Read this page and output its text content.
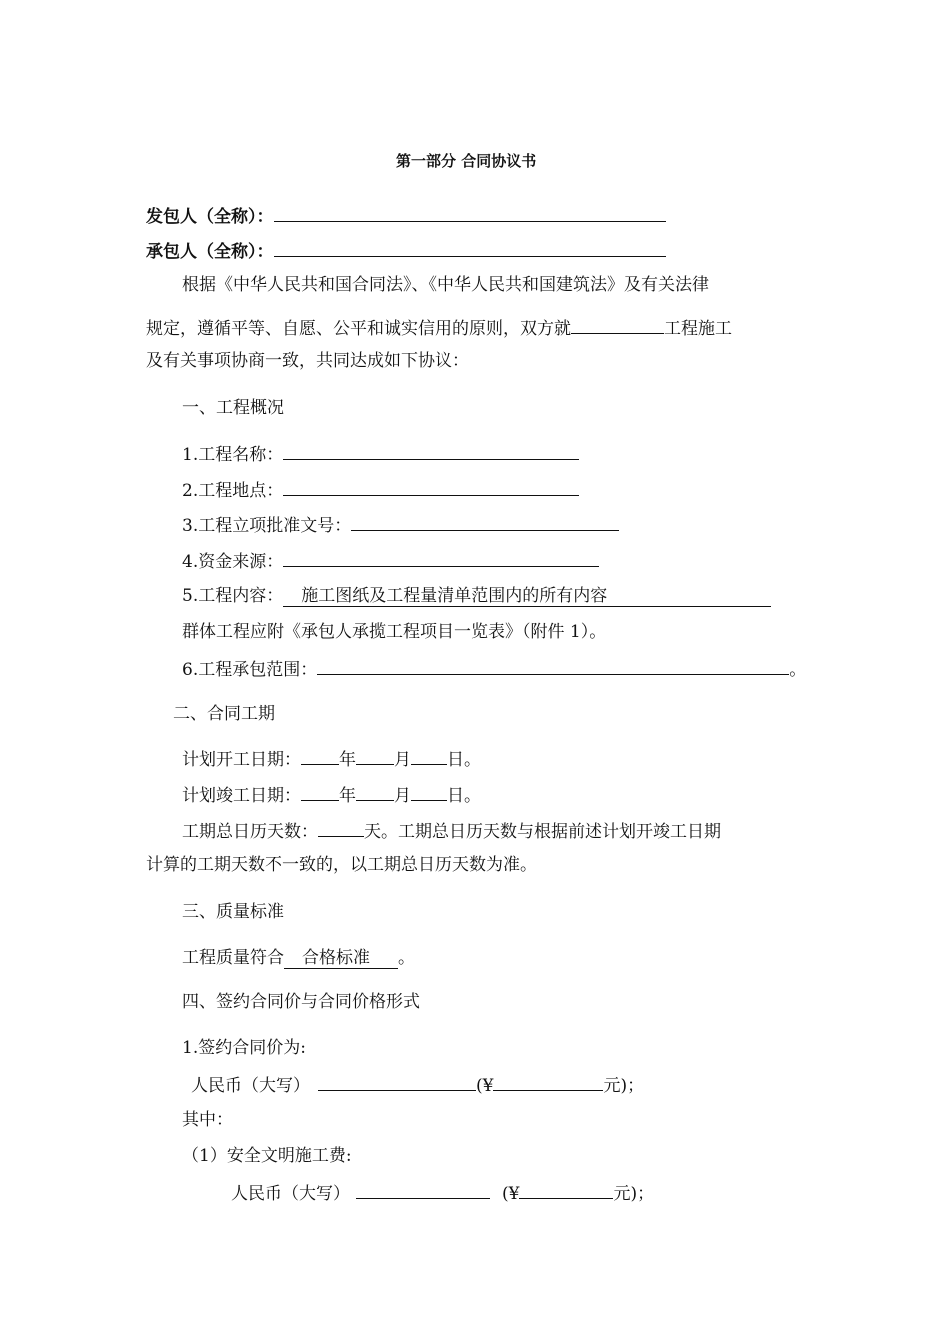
第一部分 合同协议书
发包人（全称）：
承包人（全称）：
根据《中华人民共和国合同法》、《中华人民共和国建筑法》及有关法律
规定，遵循平等、自愿、公平和诚实信用的原则，双方就	工程施工
及有关事项协商一致，共同达成如下协议：
一、工程概况
1.工程名称：
2.工程地点：
3.工程立项批准文号：
4.资金来源：
5.工程内容： 施工图纸及工程量清单范围内的所有内容
群体工程应附《承包人承揽工程项目一览表》（附件 1）。
6.工程承包范围：	。
二、合同工期
计划开工日期： 年 月 日。
计划竣工日期： 年 月 日。
工期总日历天数：	天。工期总日历天数与根据前述计划开竣工日期
计算的工期天数不一致的，以工期总日历天数为准。
三、质量标准
工程质量符合 合格标准 。
四、签约合同价与合同价格形式
1.签约合同价为:
人民币（大写）	(¥	元)；
其中：
（1）安全文明施工费:
人民币（大写）	(¥	元)；
